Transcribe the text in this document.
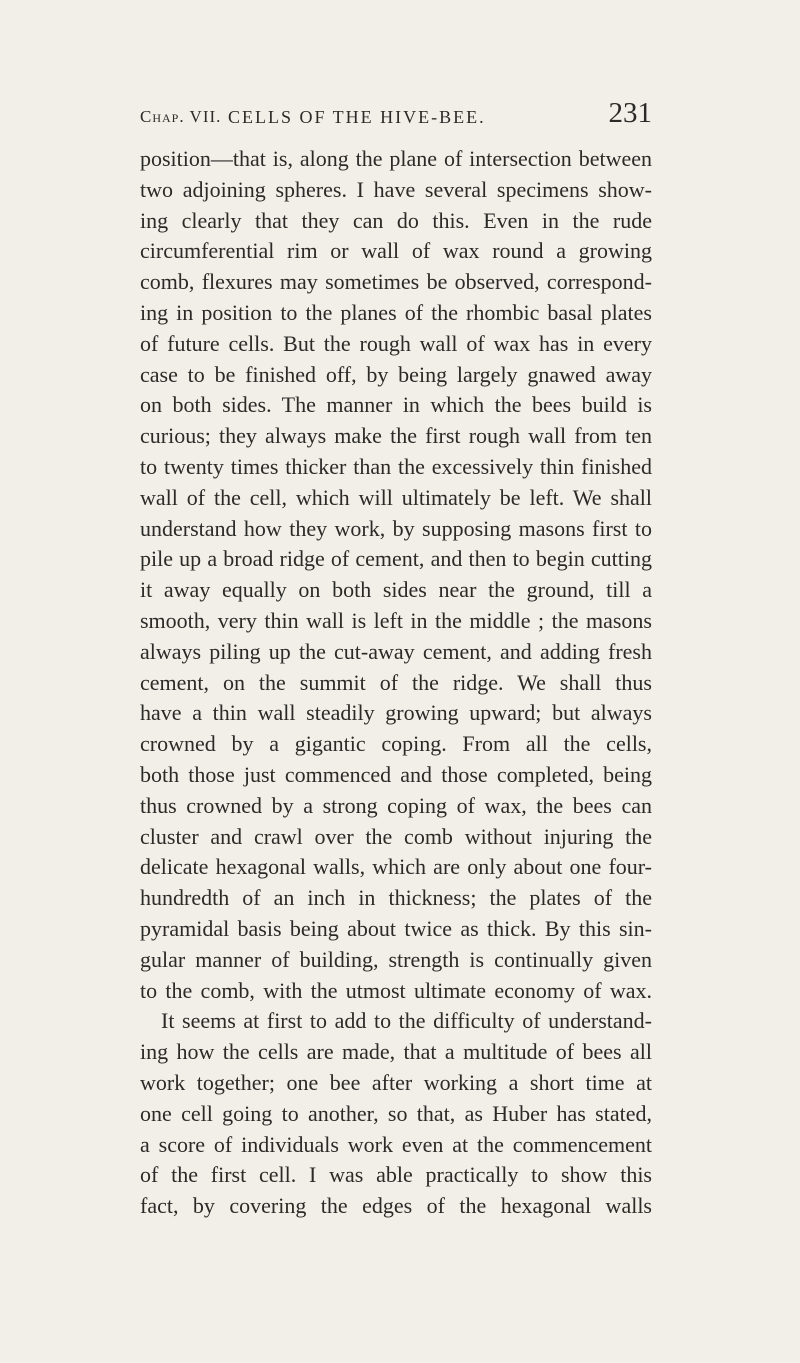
Chap. VII. CELLS OF THE HIVE-BEE.	231
position—that is, along the plane of intersection between
two adjoining spheres. I have several specimens show-
ing clearly that they can do this. Even in the rude
circumferential rim or wall of wax round a growing
comb, flexures may sometimes be observed, correspond-
ing in position to the planes of the rhombic basal plates
of future cells. But the rough wall of wax has in every
case to be finished off, by being largely gnawed away
on both sides. The manner in which the bees build is
curious; they always make the first rough wall from ten
to twenty times thicker than the excessively thin finished
wall of the cell, which will ultimately be left. We shall
understand how they work, by supposing masons first to
pile up a broad ridge of cement, and then to begin cutting
it away equally on both sides near the ground, till a
smooth, very thin wall is left in the middle ; the masons
always piling up the cut-away cement, and adding fresh
cement, on the summit of the ridge. We shall thus
have a thin wall steadily growing upward; but always
crowned by a gigantic coping. From all the cells,
both those just commenced and those completed, being
thus crowned by a strong coping of wax, the bees can
cluster and crawl over the comb without injuring the
delicate hexagonal walls, which are only about one four-
hundredth of an inch in thickness; the plates of the
pyramidal basis being about twice as thick. By this sin-
gular manner of building, strength is continually given
to the comb, with the utmost ultimate economy of wax.
It seems at first to add to the difficulty of understand-
ing how the cells are made, that a multitude of bees all
work together; one bee after working a short time at
one cell going to another, so that, as Huber has stated,
a score of individuals work even at the commencement
of the first cell. I was able practically to show this
fact, by covering the edges of the hexagonal walls
